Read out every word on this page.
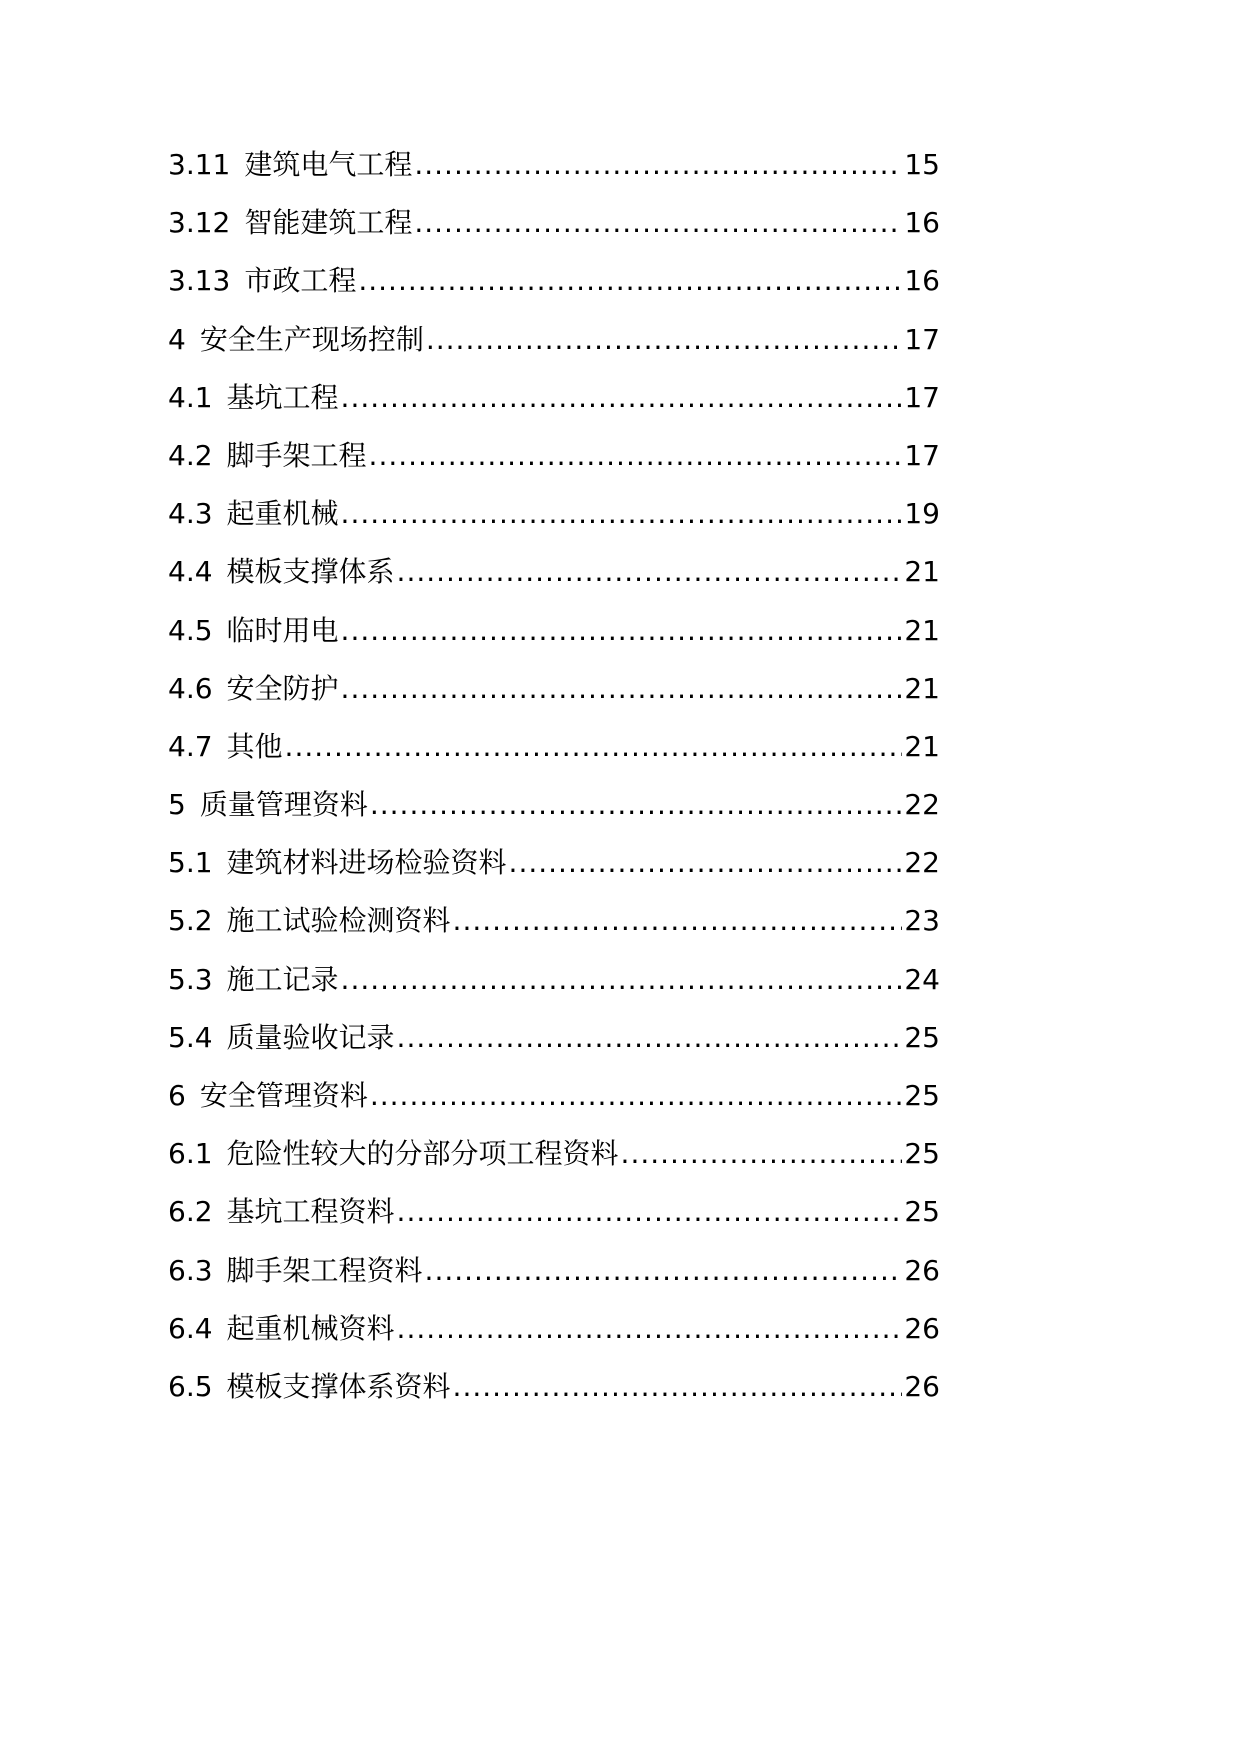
3.11 建筑电气工程 .....	15
3.12 智能建筑工程 .....	16
3.13 市政工程 .....	16
4 安全生产现场控制 .....	17
4.1 基坑工程 .....	17
4.2 脚手架工程 .....	17
4.3 起重机械 .....	19
4.4 模板支撑体系 .....	21
4.5 临时用电 .....	21
4.6 安全防护 .....	21
4.7 其他 .....	21
5 质量管理资料 .....	22
5.1 建筑材料进场检验资料 .....	22
5.2 施工试验检测资料 .....	23
5.3 施工记录 .....	24
5.4 质量验收记录 .....	25
6 安全管理资料 .....	25
6.1 危险性较大的分部分项工程资料 .....	25
6.2 基坑工程资料 .....	25
6.3 脚手架工程资料 .....	26
6.4 起重机械资料 .....	26
6.5 模板支撑体系资料 .....	26
